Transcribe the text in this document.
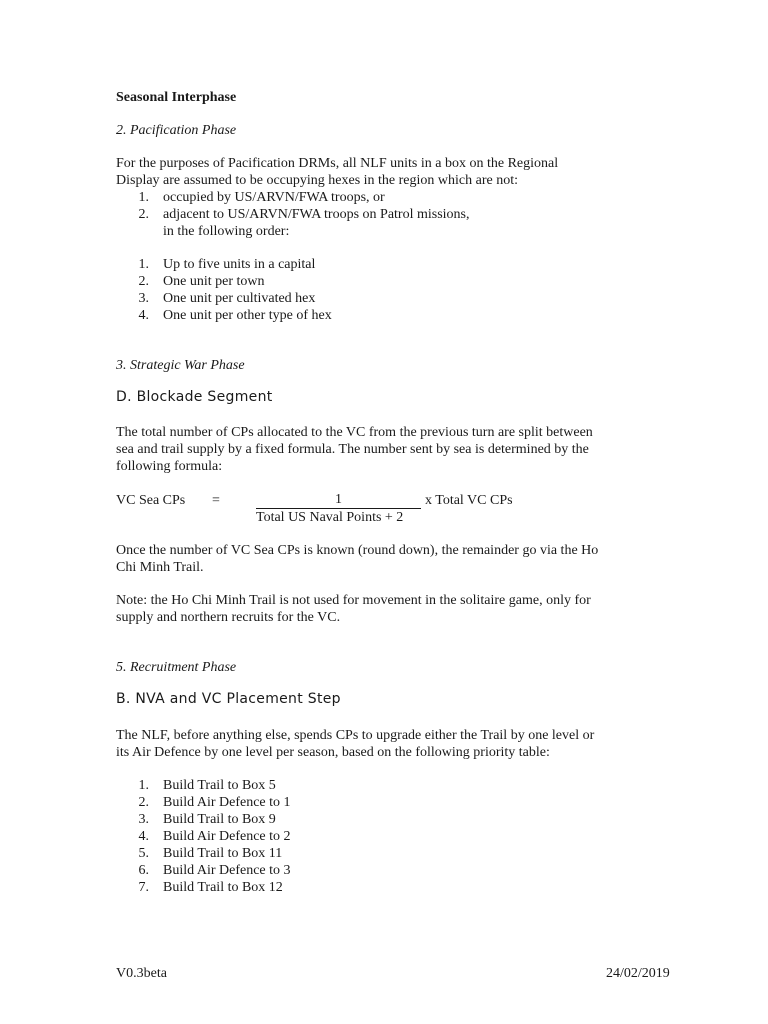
Seasonal Interphase
2. Pacification Phase
For the purposes of Pacification DRMs, all NLF units in a box on the Regional
Display are assumed to be occupying hexes in the region which are not:
1. occupied by US/ARVN/FWA troops, or
2. adjacent to US/ARVN/FWA troops on Patrol missions,
in the following order:
1. Up to five units in a capital
2. One unit per town
3. One unit per cultivated hex
4. One unit per other type of hex
3. Strategic War Phase
D. Blockade Segment
The total number of CPs allocated to the VC from the previous turn are split between
sea and trail supply by a fixed formula. The number sent by sea is determined by the
following formula:
VC Sea CPs =	1	x Total VC CPs
Total US Naval Points + 2
Once the number of VC Sea CPs is known (round down), the remainder go via the Ho
Chi Minh Trail.
Note: the Ho Chi Minh Trail is not used for movement in the solitaire game, only for
supply and northern recruits for the VC.
5. Recruitment Phase
B. NVA and VC Placement Step
The NLF, before anything else, spends CPs to upgrade either the Trail by one level or
its Air Defence by one level per season, based on the following priority table:
1. Build Trail to Box 5
2. Build Air Defence to 1
3. Build Trail to Box 9
4. Build Air Defence to 2
5. Build Trail to Box 11
6. Build Air Defence to 3
7. Build Trail to Box 12
V0.3beta	24/02/2019
